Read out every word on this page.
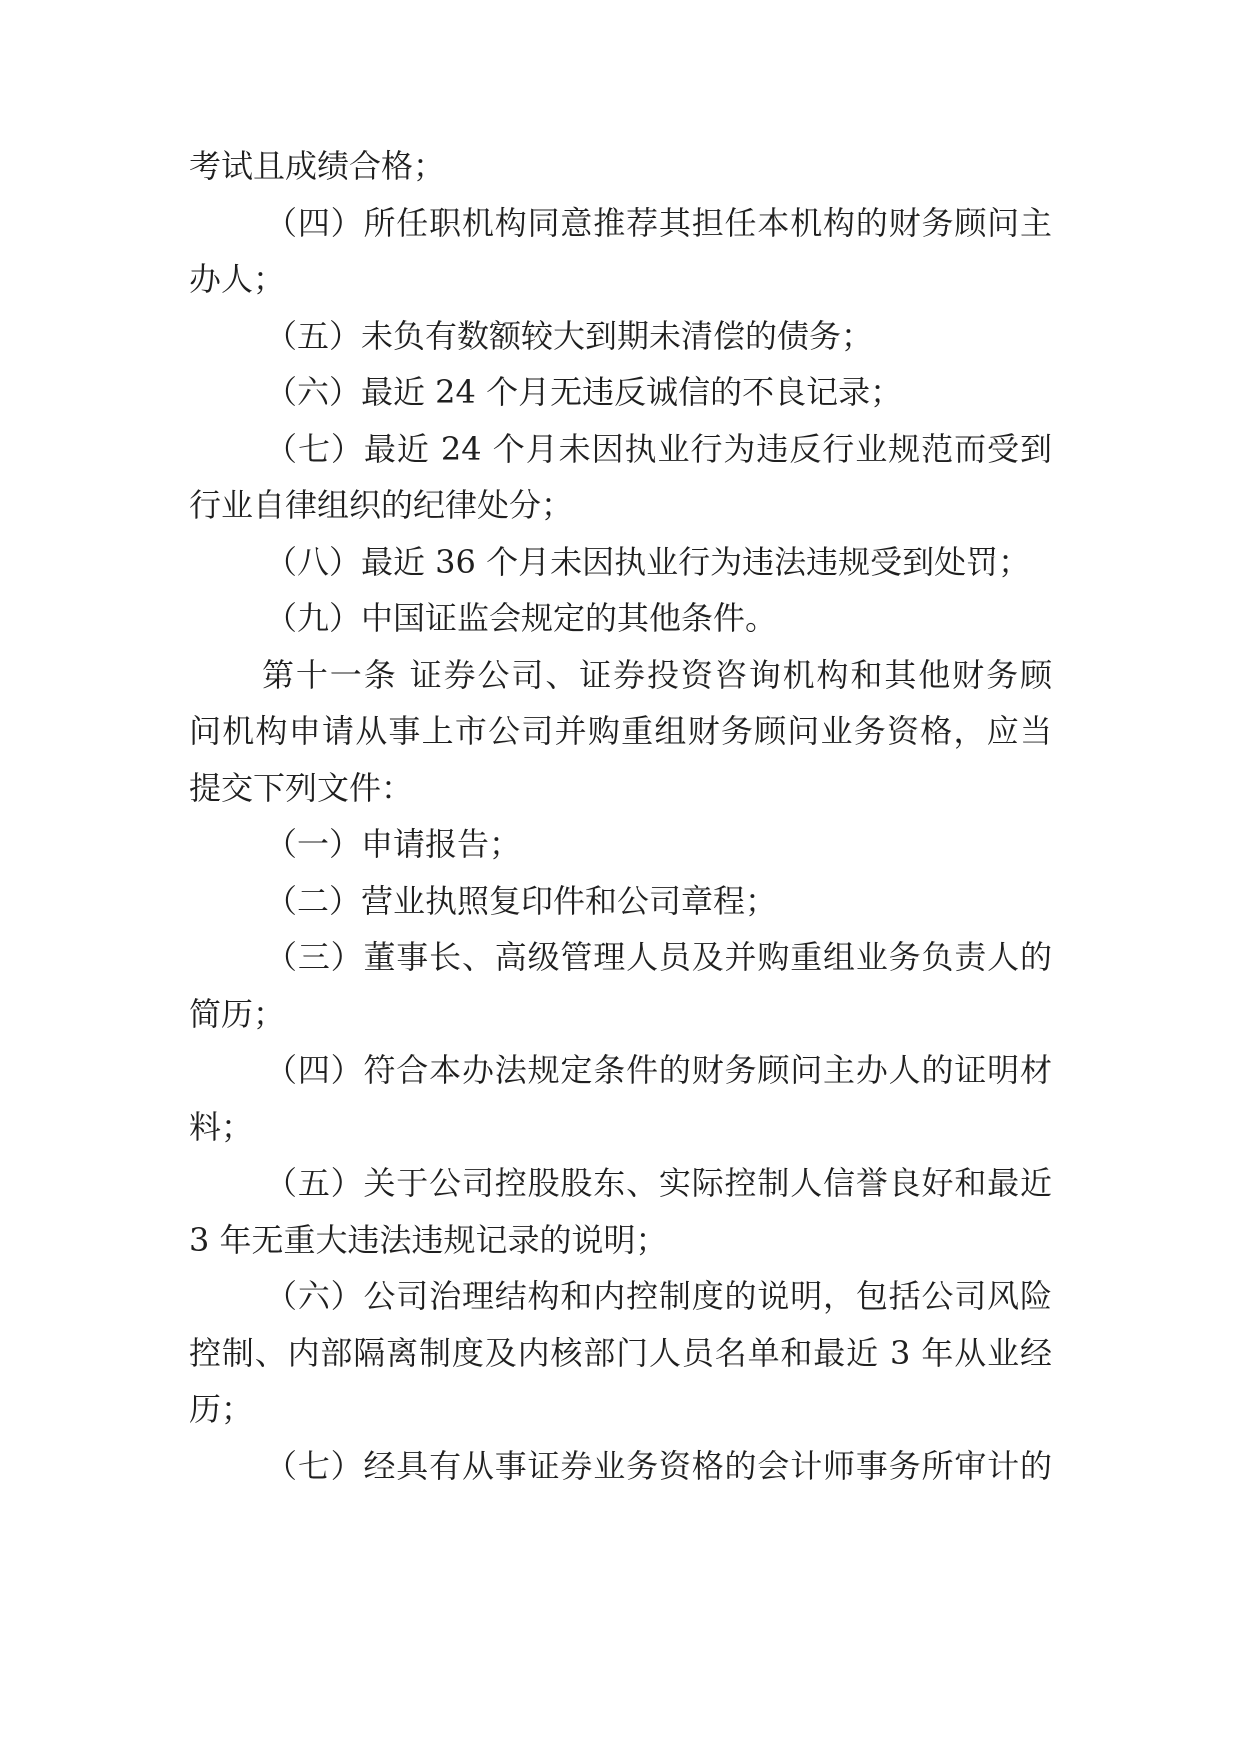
考试且成绩合格；
（四）所任职机构同意推荐其担任本机构的财务顾问主
办人；
（五）未负有数额较大到期未清偿的债务；
（六）最近 24 个月无违反诚信的不良记录；
（七）最近 24 个月未因执业行为违反行业规范而受到
行业自律组织的纪律处分；
（八）最近 36 个月未因执业行为违法违规受到处罚；
（九）中国证监会规定的其他条件。
第十一条 证券公司、证券投资咨询机构和其他财务顾
问机构申请从事上市公司并购重组财务顾问业务资格，应当
提交下列文件：
（一）申请报告；
（二）营业执照复印件和公司章程；
（三）董事长、高级管理人员及并购重组业务负责人的
简历；
（四）符合本办法规定条件的财务顾问主办人的证明材
料；
（五）关于公司控股股东、实际控制人信誉良好和最近
3 年无重大违法违规记录的说明；
（六）公司治理结构和内控制度的说明，包括公司风险
控制、内部隔离制度及内核部门人员名单和最近 3 年从业经
历；
（七）经具有从事证券业务资格的会计师事务所审计的
